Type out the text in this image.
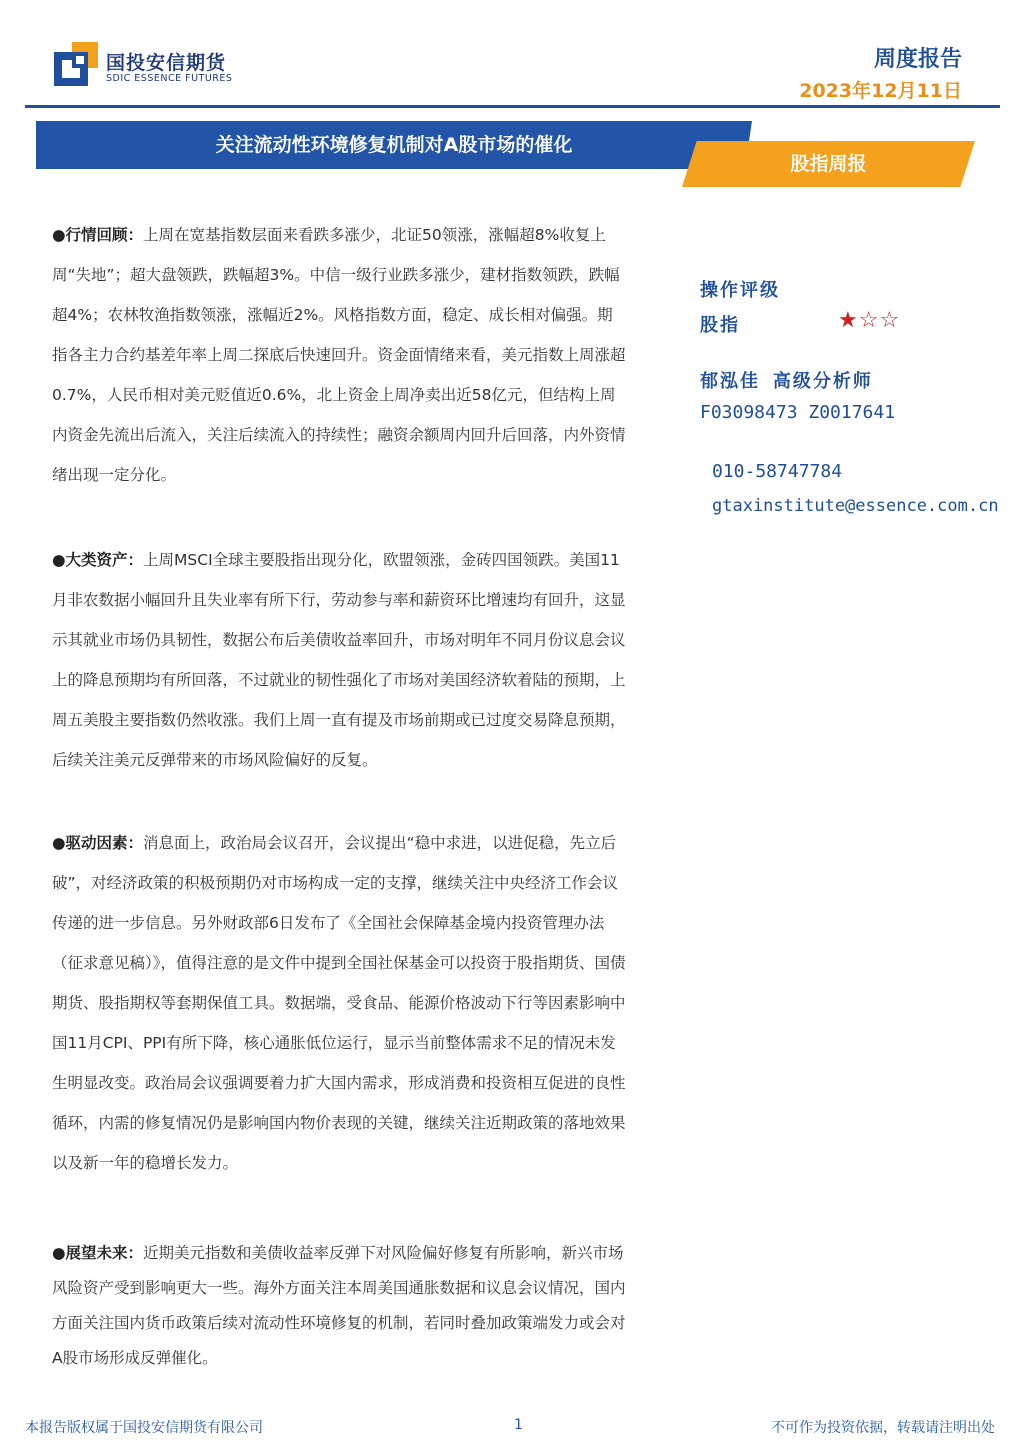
国投安信期货
SDIC ESSENCE FUTURES
周度报告
2023年12月11日
关注流动性环境修复机制对A股市场的催化
股指周报
●行情回顾：上周在宽基指数层面来看跌多涨少，北证50领涨，涨幅超8%收复上周“失地”；超大盘领跌，跌幅超3%。中信一级行业跌多涨少，建材指数领跌，跌幅超4%；农林牧渔指数领涨，涨幅近2%。风格指数方面，稳定、成长相对偏强。期指各主力合约基差年率上周二探底后快速回升。资金面情绪来看，美元指数上周涨超0.7%，人民币相对美元贬值近0.6%，北上资金上周净卖出近58亿元，但结构上周内资金先流出后流入，关注后续流入的持续性；融资余额周内回升后回落，内外资情绪出现一定分化。
●大类资产：上周MSCI全球主要股指出现分化，欧盟领涨，金砖四国领跌。美国11月非农数据小幅回升且失业率有所下行，劳动参与率和薪资环比增速均有回升，这显示其就业市场仍具韧性，数据公布后美债收益率回升，市场对明年不同月份议息会议上的降息预期均有所回落，不过就业的韧性强化了市场对美国经济软着陆的预期，上周五美股主要指数仍然收涨。我们上周一直有提及市场前期或已过度交易降息预期，后续关注美元反弹带来的市场风险偏好的反复。
●驱动因素：消息面上，政治局会议召开，会议提出“稳中求进，以进促稳，先立后破”，对经济政策的积极预期仍对市场构成一定的支撑，继续关注中央经济工作会议传递的进一步信息。另外财政部6日发布了《全国社会保障基金境内投资管理办法（征求意见稿）》，值得注意的是文件中提到全国社保基金可以投资于股指期货、国债期货、股指期权等套期保值工具。数据端，受食品、能源价格波动下行等因素影响中国11月CPI、PPI有所下降，核心通胀低位运行，显示当前整体需求不足的情况未发生明显改变。政治局会议强调要着力扩大国内需求，形成消费和投资相互促进的良性循环，内需的修复情况仍是影响国内物价表现的关键，继续关注近期政策的落地效果以及新一年的稳增长发力。
●展望未来：近期美元指数和美债收益率反弹下对风险偏好修复有所影响，新兴市场风险资产受到影响更大一些。海外方面关注本周美国通胀数据和议息会议情况，国内方面关注国内货币政策后续对流动性环境修复的机制，若同时叠加政策端发力或会对A股市场形成反弹催化。
操作评级
股指	★☆☆
郁泓佳 高级分析师
F03098473 Z0017641
010-58747784
gtaxinstitute@essence.com.cn
本报告版权属于国投安信期货有限公司	1	不可作为投资依据，转载请注明出处
